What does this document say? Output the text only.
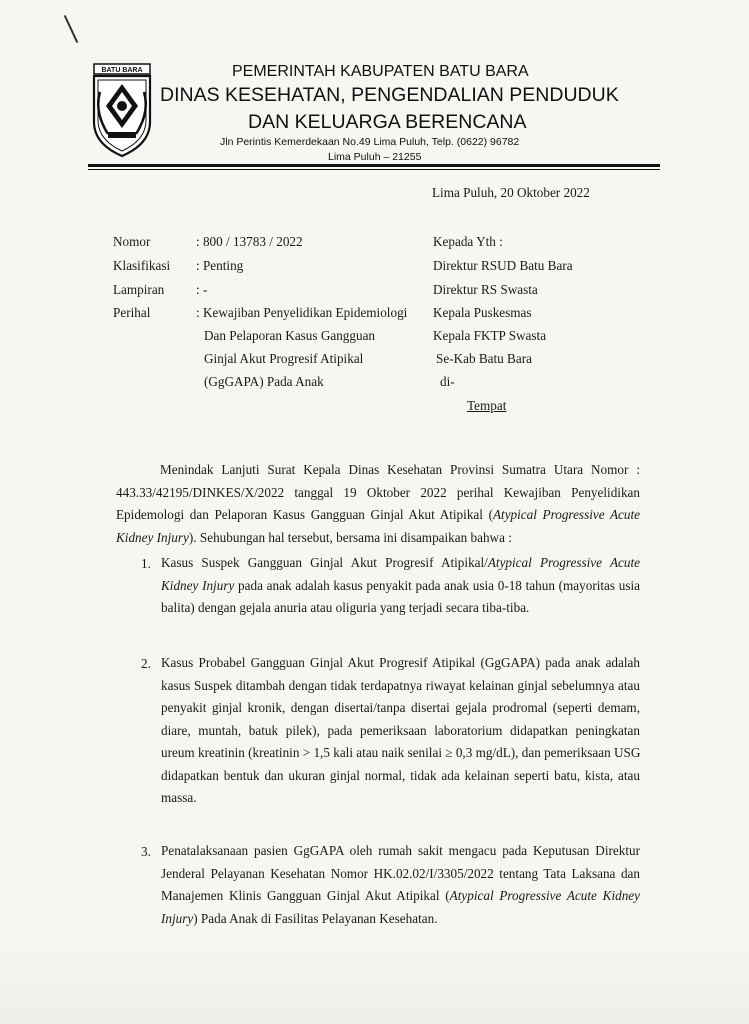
BATU BARA	PEMERINTAH KABUPATEN BATU BARA
DINAS KESEHATAN, PENGENDALIAN PENDUDUK
DAN KELUARGA BERENCANA
Jln Perintis Kemerdekaan No.49 Lima Puluh, Telp. (0622) 96782
Lima Puluh – 21255
Lima Puluh, 20 Oktober 2022
Nomor	: 800 / 13783 / 2022
Klasifikasi : Penting
Lampiran : -
Perihal	: Kewajiban Penyelidikan Epidemiologi
Dan Pelaporan Kasus Gangguan
Ginjal Akut Progresif Atipikal
(GgGAPA) Pada Anak
Kepada Yth :
Direktur RSUD Batu Bara
Direktur RS Swasta
Kepala Puskesmas
Kepala FKTP Swasta
Se-Kab Batu Bara
di-
Tempat
Menindak Lanjuti Surat Kepala Dinas Kesehatan Provinsi Sumatra Utara Nomor :
443.33/42195/DINKES/X/2022 tanggal 19 Oktober 2022 perihal Kewajiban Penyelidikan
Epidemologi dan Pelaporan Kasus Gangguan Ginjal Akut Atipikal (Atypical Progressive Acute
Kidney Injury). Sehubungan hal tersebut, bersama ini disampaikan bahwa :
1. Kasus Suspek Gangguan Ginjal Akut Progresif Atipikal/Atypical Progressive Acute
Kidney Injury pada anak adalah kasus penyakit pada anak usia 0-18 tahun (mayoritas usia
balita) dengan gejala anuria atau oliguria yang terjadi secara tiba-tiba.
2. Kasus Probabel Gangguan Ginjal Akut Progresif Atipikal (GgGAPA) pada anak adalah
kasus Suspek ditambah dengan tidak terdapatnya riwayat kelainan ginjal sebelumnya atau
penyakit ginjal kronik, dengan disertai/tanpa disertai gejala prodromal (seperti demam,
diare, muntah, batuk pilek), pada pemeriksaan laboratorium didapatkan peningkatan
ureum kreatinin (kreatinin > 1,5 kali atau naik senilai ≥ 0,3 mg/dL), dan pemeriksaan USG
didapatkan bentuk dan ukuran ginjal normal, tidak ada kelainan seperti batu, kista, atau
massa.
3. Penatalaksanaan pasien GgGAPA oleh rumah sakit mengacu pada Keputusan Direktur
Jenderal Pelayanan Kesehatan Nomor HK.02.02/I/3305/2022 tentang Tata Laksana dan
Manajemen Klinis Gangguan Ginjal Akut Atipikal (Atypical Progressive Acute Kidney
Injury) Pada Anak di Fasilitas Pelayanan Kesehatan.
